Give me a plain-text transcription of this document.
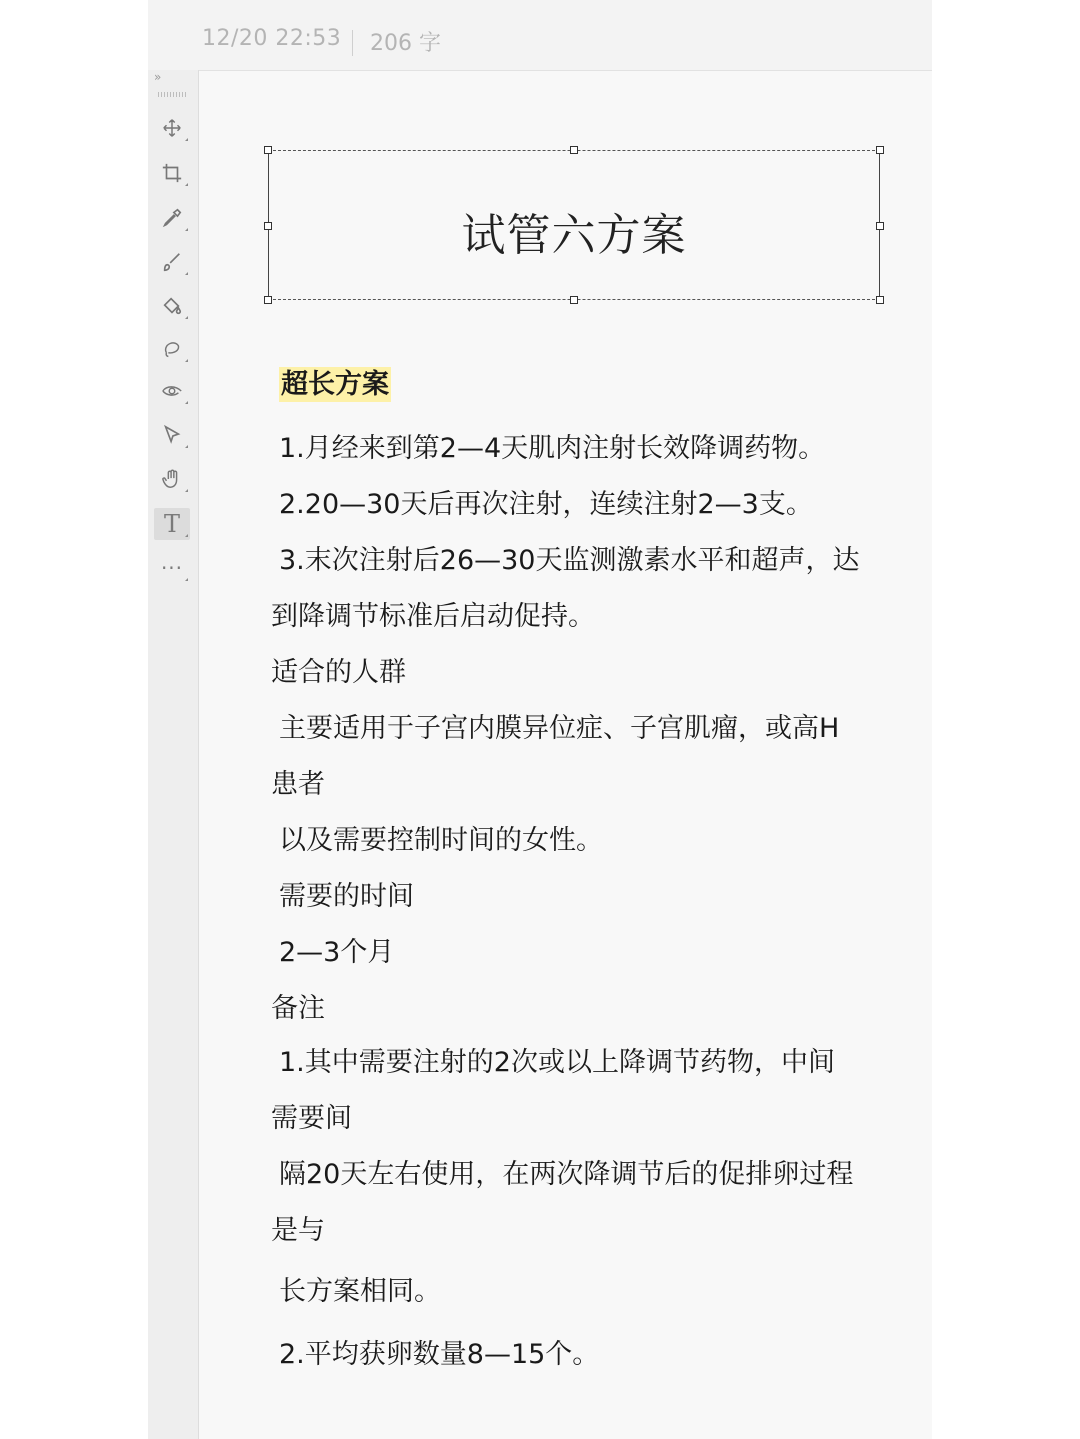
12/20 22:53 206 字
»
T
···
试管六方案
超长方案
1.月经来到第2—4天肌肉注射长效降调药物。
2.20—30天后再次注射，连续注射2—3支。
3.末次注射后26—30天监测激素水平和超声，达
到降调节标准后启动促持。
适合的人群
主要适用于子宫内膜异位症、子宫肌瘤，或高H
患者
以及需要控制时间的女性。
需要的时间
2—3个月
备注
1.其中需要注射的2次或以上降调节药物，中间
需要间
隔20天左右使用，在两次降调节后的促排卵过程
是与
长方案相同。
2.平均获卵数量8—15个。
